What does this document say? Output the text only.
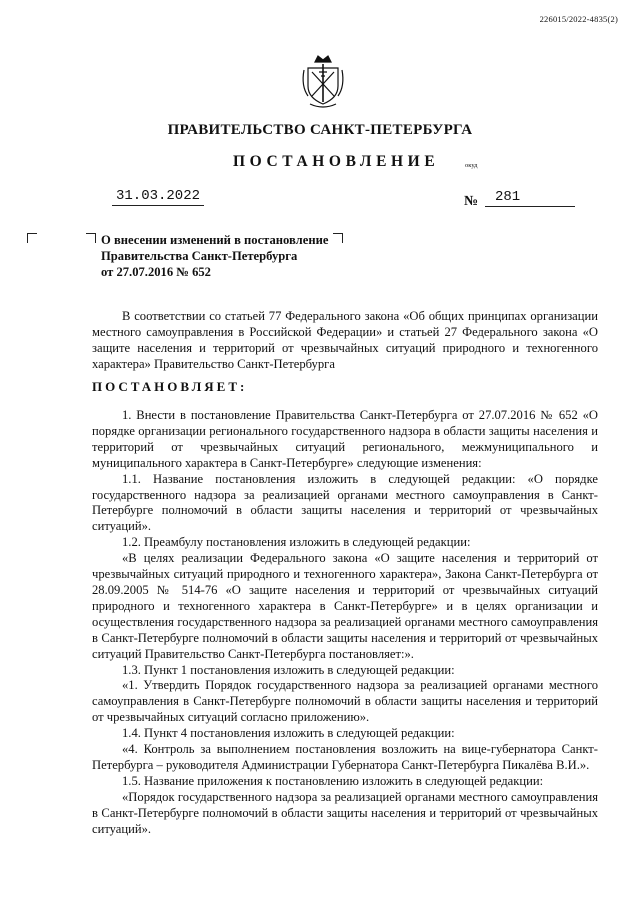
226015/2022-4835(2)
ПРАВИТЕЛЬСТВО САНКТ-ПЕТЕРБУРГА
ПОСТАНОВЛЕНИЕ	окуд
31.03.2022	№	281
О внесении изменений в постановление
Правительства Санкт-Петербурга
от 27.07.2016 № 652
В соответствии со статьей 77 Федерального закона «Об общих принципах организации местного самоуправления в Российской Федерации» и статьей 27 Федерального закона «О защите населения и территорий от чрезвычайных ситуаций природного и техногенного характера» Правительство Санкт-Петербурга
ПОСТАНОВЛЯЕТ:

1. Внести в постановление Правительства Санкт-Петербурга от 27.07.2016 № 652 «О порядке организации регионального государственного надзора в области защиты населения и территорий от чрезвычайных ситуаций регионального, межмуниципального и муниципального характера в Санкт-Петербурге» следующие изменения:

1.1. Название постановления изложить в следующей редакции: «О порядке государственного надзора за реализацией органами местного самоуправления в Санкт-Петербурге полномочий в области защиты населения и территорий от чрезвычайных ситуаций».

1.2. Преамбулу постановления изложить в следующей редакции:

«В целях реализации Федерального закона «О защите населения и территорий от чрезвычайных ситуаций природного и техногенного характера», Закона Санкт-Петербурга от 28.09.2005 № 514-76 «О защите населения и территорий от чрезвычайных ситуаций природного и техногенного характера в Санкт-Петербурге» и в целях организации и осуществления государственного надзора за реализацией органами местного самоуправления в Санкт-Петербурге полномочий в области защиты населения и территорий от чрезвычайных ситуаций Правительство Санкт-Петербурга постановляет:».

1.3. Пункт 1 постановления изложить в следующей редакции:

«1. Утвердить Порядок государственного надзора за реализацией органами местного самоуправления в Санкт-Петербурге полномочий в области защиты населения и территорий от чрезвычайных ситуаций согласно приложению».

1.4. Пункт 4 постановления изложить в следующей редакции:

«4. Контроль за выполнением постановления возложить на вице-губернатора Санкт-Петербурга – руководителя Администрации Губернатора Санкт-Петербурга Пикалёва В.И.».

1.5. Название приложения к постановлению изложить в следующей редакции:

«Порядок государственного надзора за реализацией органами местного самоуправления в Санкт-Петербурге полномочий в области защиты населения и территорий от чрезвычайных ситуаций».
